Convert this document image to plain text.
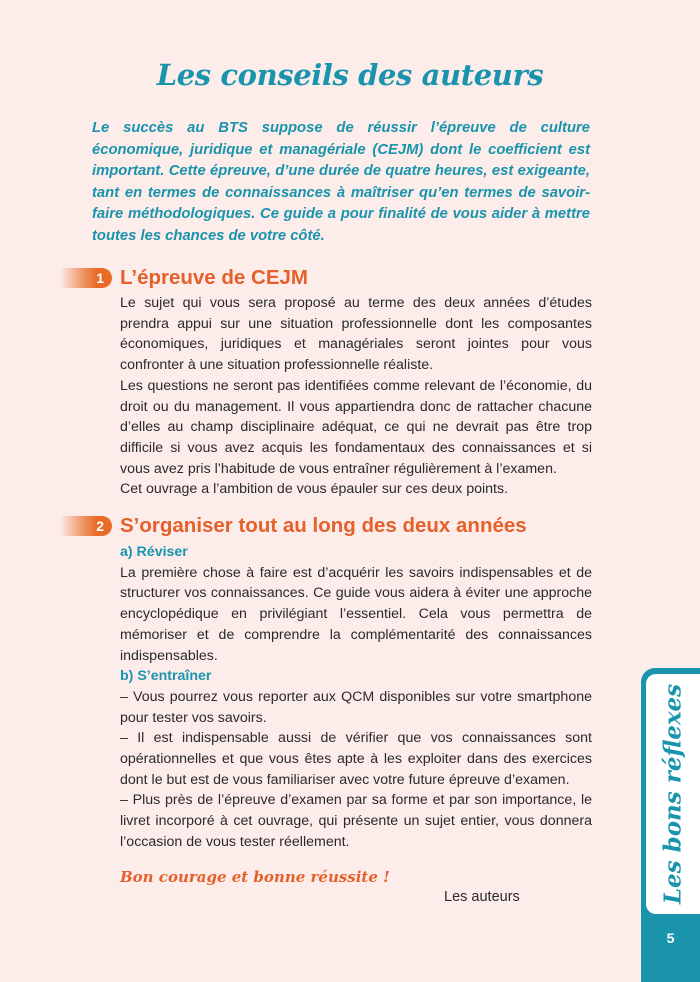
Les conseils des auteurs

Le succès au BTS suppose de réussir l’épreuve de culture économique, juridique et managériale (CEJM) dont le coefficient est important. Cette épreuve, d’une durée de quatre heures, est exigeante, tant en termes de connaissances à maîtriser qu’en termes de savoir-faire méthodologiques. Ce guide a pour finalité de vous aider à mettre toutes les chances de votre côté.

1 L’épreuve de CEJM

Le sujet qui vous sera proposé au terme des deux années d’études prendra appui sur une situation professionnelle dont les composantes économiques, juridiques et managériales seront jointes pour vous confronter à une situation professionnelle réaliste.

Les questions ne seront pas identifiées comme relevant de l’économie, du droit ou du management. Il vous appartiendra donc de rattacher chacune d’elles au champ disciplinaire adéquat, ce qui ne devrait pas être trop difficile si vous avez acquis les fondamentaux des connaissances et si vous avez pris l’habitude de vous entraîner régulièrement à l’examen.

Cet ouvrage a l’ambition de vous épauler sur ces deux points.

2 S’organiser tout au long des deux années

a) Réviser

La première chose à faire est d’acquérir les savoirs indispensables et de structurer vos connaissances. Ce guide vous aidera à éviter une approche encyclopédique en privilégiant l’essentiel. Cela vous permettra de mémoriser et de comprendre la complémentarité des connaissances indispensables.

b) S’entraîner

– Vous pourrez vous reporter aux QCM disponibles sur votre smartphone pour tester vos savoirs.

– Il est indispensable aussi de vérifier que vos connaissances sont opérationnelles et que vous êtes apte à les exploiter dans des exercices dont le but est de vous familiariser avec votre future épreuve d’examen.

– Plus près de l’épreuve d’examen par sa forme et par son importance, le livret incorporé à cet ouvrage, qui présente un sujet entier, vous donnera l’occasion de vous tester réellement.

Bon courage et bonne réussite !

Les auteurs	Les bons réflexes
5
